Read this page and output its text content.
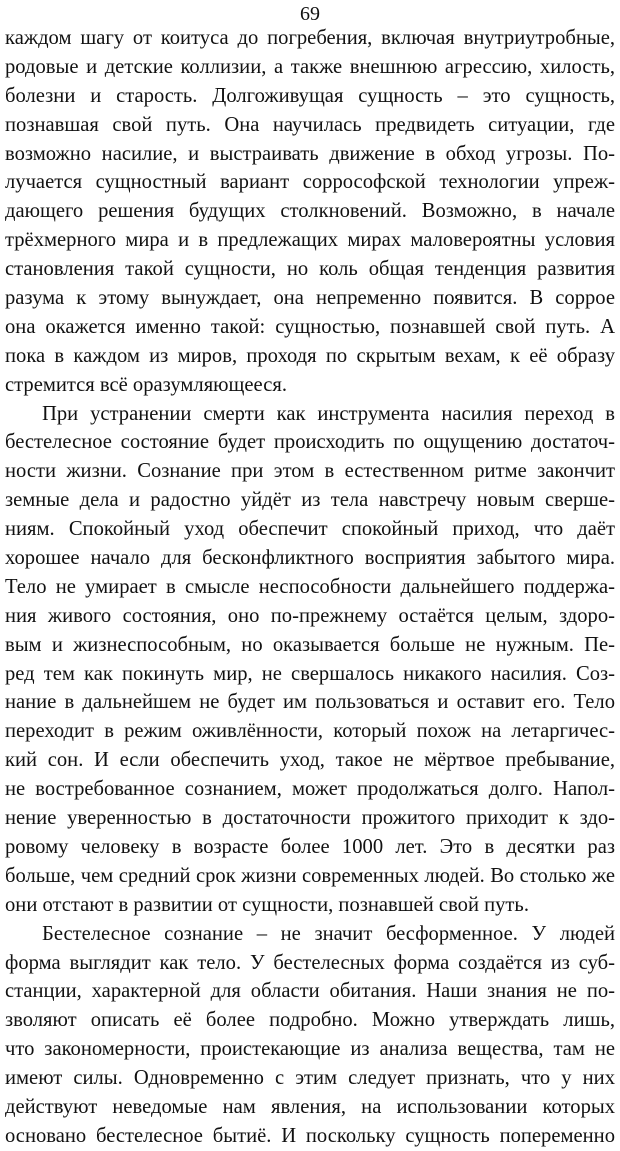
69
каждом шагу от коитуса до погребения, включая внутриутробные,
родовые и детские коллизии, а также внешнюю агрессию, хилость,
болезни и старость. Долгоживущая сущность – это сущность,
познавшая свой путь. Она научилась предвидеть ситуации, где
возможно насилие, и выстраивать движение в обход угрозы. По-
лучается сущностный вариант соррософской технологии упреж-
дающего решения будущих столкновений. Возможно, в начале
трёхмерного мира и в предлежащих мирах маловероятны условия
становления такой сущности, но коль общая тенденция развития
разума к этому вынуждает, она непременно появится. В соррое
она окажется именно такой: сущностью, познавшей свой путь. А
пока в каждом из миров, проходя по скрытым вехам, к её образу
стремится всё оразумляющееся.
При устранении смерти как инструмента насилия переход в
бестелесное состояние будет происходить по ощущению достаточ-
ности жизни. Сознание при этом в естественном ритме закончит
земные дела и радостно уйдёт из тела навстречу новым сверше-
ниям. Спокойный уход обеспечит спокойный приход, что даёт
хорошее начало для бесконфликтного восприятия забытого мира.
Тело не умирает в смысле неспособности дальнейшего поддержа-
ния живого состояния, оно по-прежнему остаётся целым, здоро-
вым и жизнеспособным, но оказывается больше не нужным. Пе-
ред тем как покинуть мир, не свершалось никакого насилия. Соз-
нание в дальнейшем не будет им пользоваться и оставит его. Тело
переходит в режим оживлённости, который похож на летаргичес-
кий сон. И если обеспечить уход, такое не мёртвое пребывание,
не востребованное сознанием, может продолжаться долго. Напол-
нение уверенностью в достаточности прожитого приходит к здо-
ровому человеку в возрасте более 1000 лет. Это в десятки раз
больше, чем средний срок жизни современных людей. Во столько же
они отстают в развитии от сущности, познавшей свой путь.
Бестелесное сознание – не значит бесформенное. У людей
форма выглядит как тело. У бестелесных форма создаётся из суб-
станции, характерной для области обитания. Наши знания не по-
зволяют описать её более подробно. Можно утверждать лишь,
что закономерности, проистекающие из анализа вещества, там не
имеют силы. Одновременно с этим следует признать, что у них
действуют неведомые нам явления, на использовании которых
основано бестелесное бытиё. И поскольку сущность попеременно
